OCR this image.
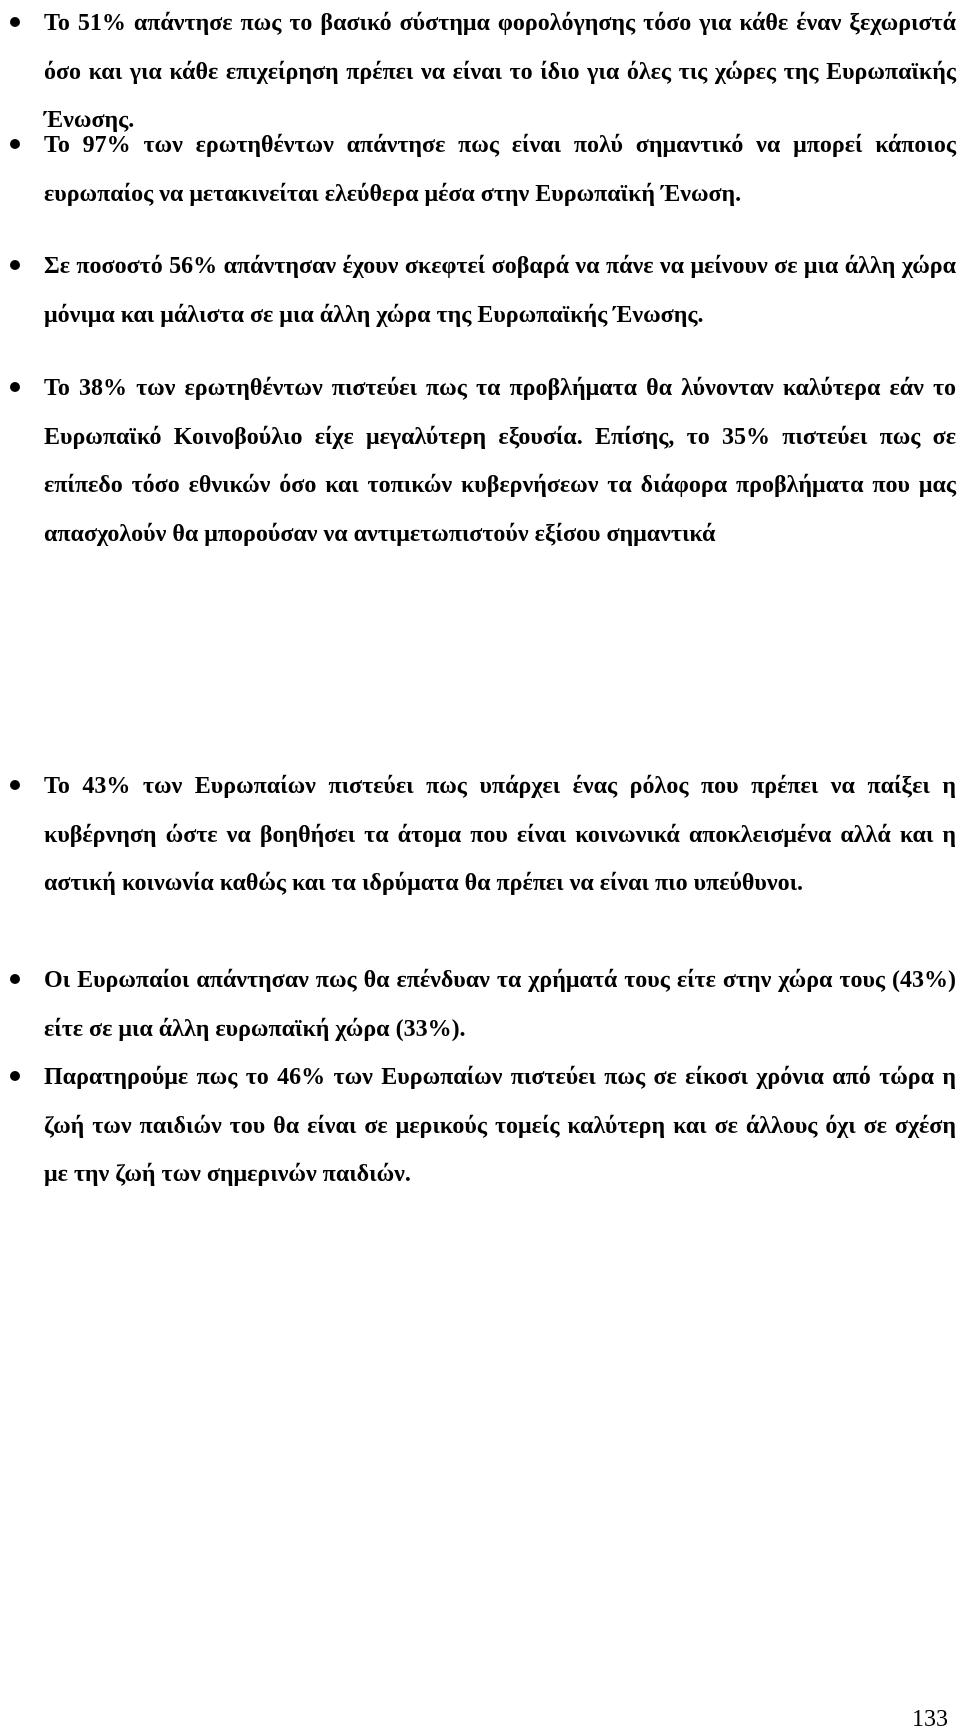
Το 51% απάντησε πως το βασικό σύστημα φορολόγησης τόσο για κάθε έναν ξεχωριστά όσο και για κάθε επιχείρηση πρέπει να είναι το ίδιο για όλες τις χώρες της Ευρωπαϊκής Ένωσης.
Το 97% των ερωτηθέντων απάντησε πως είναι πολύ σημαντικό να μπορεί κάποιος ευρωπαίος να μετακινείται ελεύθερα μέσα στην Ευρωπαϊκή Ένωση.
Σε ποσοστό 56% απάντησαν έχουν σκεφτεί σοβαρά να πάνε να μείνουν σε μια άλλη χώρα μόνιμα και μάλιστα σε μια άλλη χώρα της Ευρωπαϊκής Ένωσης.
Το 38% των ερωτηθέντων πιστεύει πως τα προβλήματα θα λύνονταν καλύτερα εάν το Ευρωπαϊκό Κοινοβούλιο είχε μεγαλύτερη εξουσία. Επίσης, το 35% πιστεύει πως σε επίπεδο τόσο εθνικών όσο και τοπικών κυβερνήσεων τα διάφορα προβλήματα που μας απασχολούν θα μπορούσαν να αντιμετωπιστούν εξίσου σημαντικά
Το 43% των Ευρωπαίων πιστεύει πως υπάρχει ένας ρόλος που πρέπει να παίξει η κυβέρνηση ώστε να βοηθήσει τα άτομα που είναι κοινωνικά αποκλεισμένα αλλά και η αστική κοινωνία καθώς και τα ιδρύματα θα πρέπει να είναι πιο υπεύθυνοι.
Οι Ευρωπαίοι απάντησαν πως θα επένδυαν τα χρήματά τους είτε στην χώρα τους (43%) είτε σε μια άλλη ευρωπαϊκή χώρα (33%).
Παρατηρούμε πως το 46% των Ευρωπαίων πιστεύει πως σε είκοσι χρόνια από τώρα η ζωή των παιδιών του θα είναι σε μερικούς τομείς καλύτερη και σε άλλους όχι σε σχέση με την ζωή των σημερινών παιδιών.
133
